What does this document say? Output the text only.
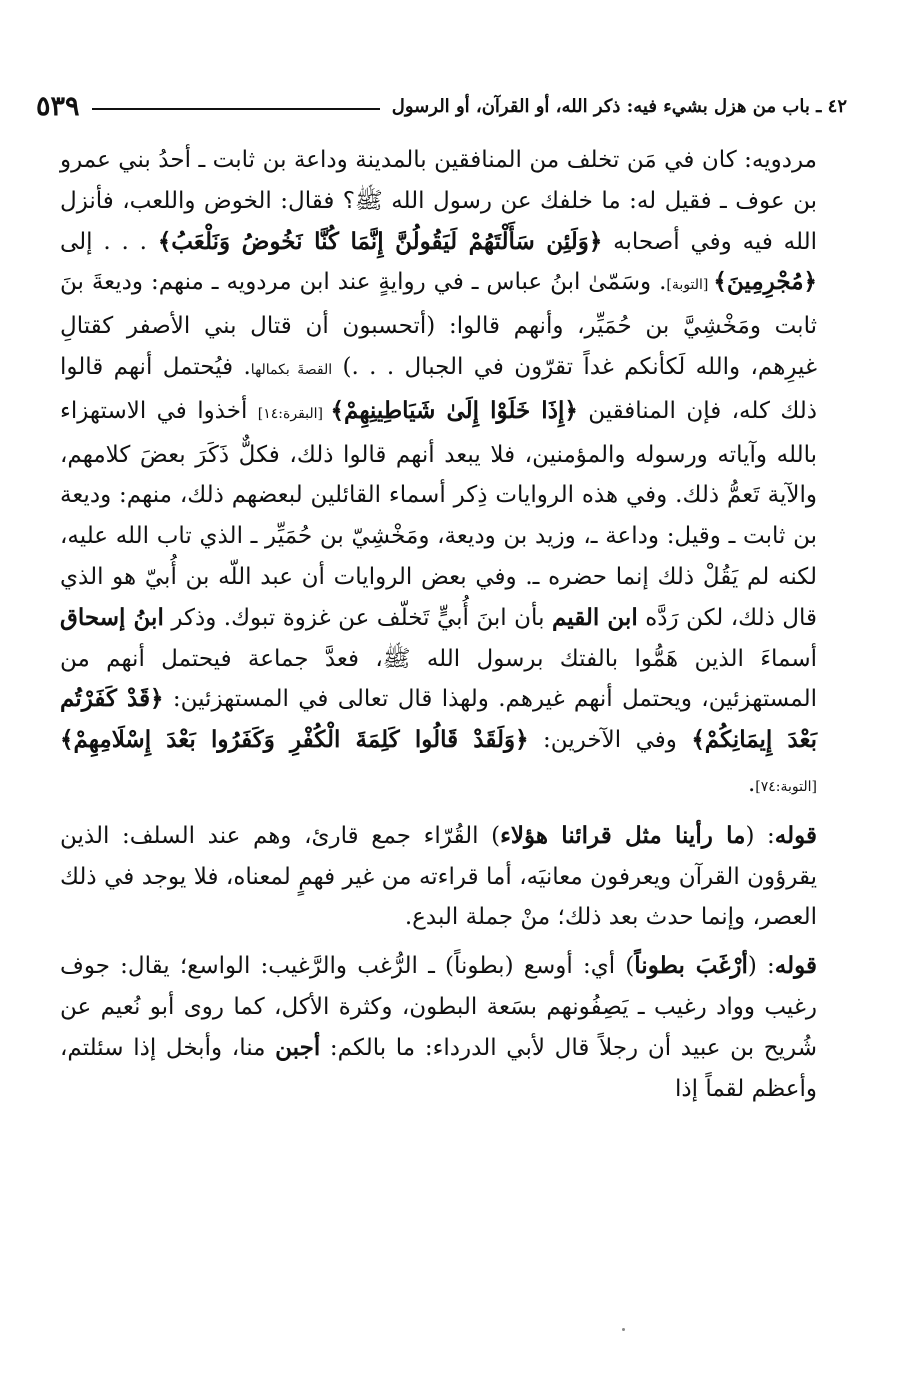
٥٣٩	٤٢ ـ باب من هزل بشيء فيه: ذكر الله، أو القرآن، أو الرسول

مردويه: كان في مَن تخلف من المنافقين بالمدينة وداعة بن ثابت ـ أحدُ بني عمرو بن عوف ـ فقيل له: ما خلفك عن رسول الله ﷺ؟ فقال: الخوض واللعب، فأنزل الله فيه وفي أصحابه ﴿وَلَئِن سَأَلْتَهُمْ لَيَقُولُنَّ إِنَّمَا كُنَّا نَخُوضُ وَنَلْعَبُ﴾ . . . إلى ﴿مُجْرِمِينَ﴾ [التوبة]. وسَمّىٰ ابنُ عباس ـ في روايةٍ عند ابن مردويه ـ منهم: وديعةَ بنَ ثابت ومَخْشِيَّ بن حُمَيِّر، وأنهم قالوا: (أتحسبون أن قتال بني الأصفر كقتالِ غيرِهم، والله لَكأنكم غداً تقرّون في الجبال . . .) القصةَ بكمالها. فيُحتمل أنهم قالوا ذلك كله، فإن المنافقين ﴿إِذَا خَلَوْا إِلَىٰ شَيَاطِينِهِمْ﴾ [البقرة:١٤] أخذوا في الاستهزاء بالله وآياته ورسوله والمؤمنين، فلا يبعد أنهم قالوا ذلك، فكلٌّ ذَكَرَ بعضَ كلامهم، والآية تَعمُّ ذلك. وفي هذه الروايات ذِكر أسماء القائلين لبعضهم ذلك، منهم: وديعة بن ثابت ـ وقيل: وداعة ـ، وزيد بن وديعة، ومَخْشِيّ بن حُمَيِّر ـ الذي تاب الله عليه، لكنه لم يَقُلْ ذلك إنما حضره ـ. وفي بعض الروايات أن عبد اللّه بن أُبيّ هو الذي قال ذلك، لكن رَدَّه ابن القيم بأن ابنَ أُبيٍّ تَخلّف عن غزوة تبوك. وذكر ابنُ إسحاق أسماءَ الذين هَمُّوا بالفتك برسول الله ﷺ، فعدَّ جماعة فيحتمل أنهم من المستهزئين، ويحتمل أنهم غيرهم. ولهذا قال تعالى في المستهزئين: ﴿قَدْ كَفَرْتُم بَعْدَ إِيمَانِكُمْ﴾ وفي الآخرين: ﴿وَلَقَدْ قَالُوا كَلِمَةَ الْكُفْرِ وَكَفَرُوا بَعْدَ إِسْلَامِهِمْ﴾ [التوبة:٧٤].

قوله: (ما رأينا مثل قرائنا هؤلاء) القُرّاء جمع قارئ، وهم عند السلف: الذين يقرؤون القرآن ويعرفون معانيَه، أما قراءته من غير فهمٍ لمعناه، فلا يوجد في ذلك العصر، وإنما حدث بعد ذلك؛ منْ جملة البدع.

قوله: (أرْغَبَ بطوناً) أي: أوسع (بطوناً) ـ الرُّغب والرَّغيب: الواسع؛ يقال: جوف رغيب وواد رغيب ـ يَصِفُونهم بسَعة البطون، وكثرة الأكل، كما روى أبو نُعيم عن شُريح بن عبيد أن رجلاً قال لأبي الدرداء: ما بالكم: أجبن منا، وأبخل إذا سئلتم، وأعظم لقماً إذا
